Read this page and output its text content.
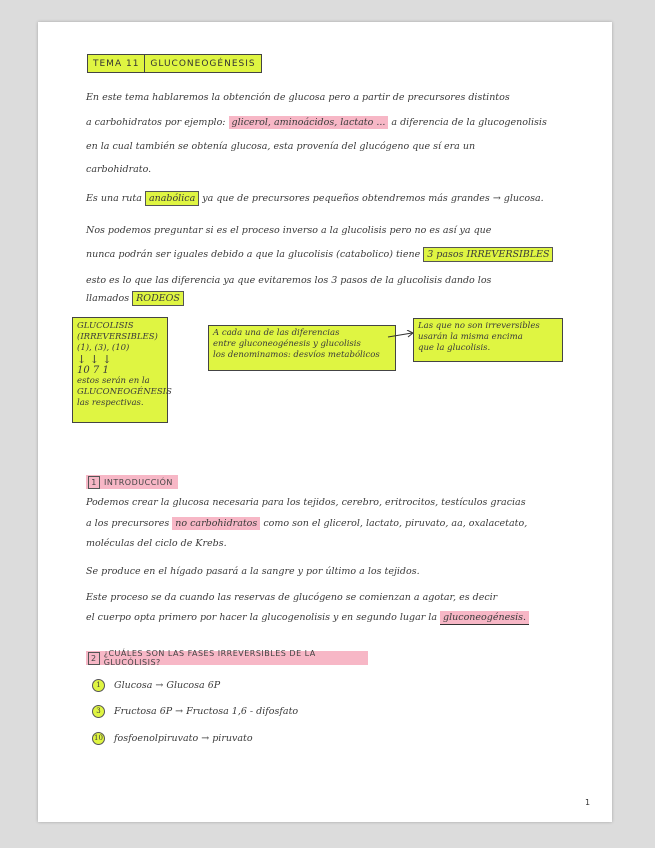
TEMA 11	GLUCONEOGÉNESIS
En este tema hablaremos la obtención de glucosa pero a partir de precursores distintos
a carbohidratos por ejemplo: glicerol, aminoácidos, lactato ... a diferencia de la glucogenolisis
en la cual también se obtenía glucosa, esta provenía del glucógeno que sí era un
carbohidrato.
Es una ruta anabólica ya que de precursores pequeños obtendremos más grandes → glucosa.
Nos podemos preguntar si es el proceso inverso a la glucolisis pero no es así ya que
nunca podrán ser iguales debido a que la glucolisis (catabolico) tiene 3 pasos IRREVERSIBLES
esto es lo que las diferencia ya que evitaremos los 3 pasos de la glucolisis dando los
llamados RODEOS
GLUCOLISIS
(IRREVERSIBLES)
(1), (3), (10)
↓ ↓ ↓
10 7 1
estos serán en la
GLUCONEOGÉNESIS
las respectivas.
A cada una de las diferencias
entre gluconeogénesis y glucolisis
los denominamos: desvíos metabólicos
Las que no son irreversibles
usarán la misma encima
que la glucolisis.
1 INTRODUCCIÓN
Podemos crear la glucosa necesaria para los tejidos, cerebro, eritrocitos, testículos gracias
a los precursores no carbohidratos como son el glicerol, lactato, piruvato, aa, oxalacetato,
moléculas del ciclo de Krebs.
Se produce en el hígado pasará a la sangre y por último a los tejidos.
Este proceso se da cuando las reservas de glucógeno se comienzan a agotar, es decir
el cuerpo opta primero por hacer la glucogenolisis y en segundo lugar la gluconeogénesis.
2 ¿CUÁLES SON LAS FASES IRREVERSIBLES DE LA GLUCÓLISIS?
1 Glucosa → Glucosa 6P
3 Fructosa 6P → Fructosa 1,6 - difosfato
10 fosfoenolpiruvato → piruvato
1
